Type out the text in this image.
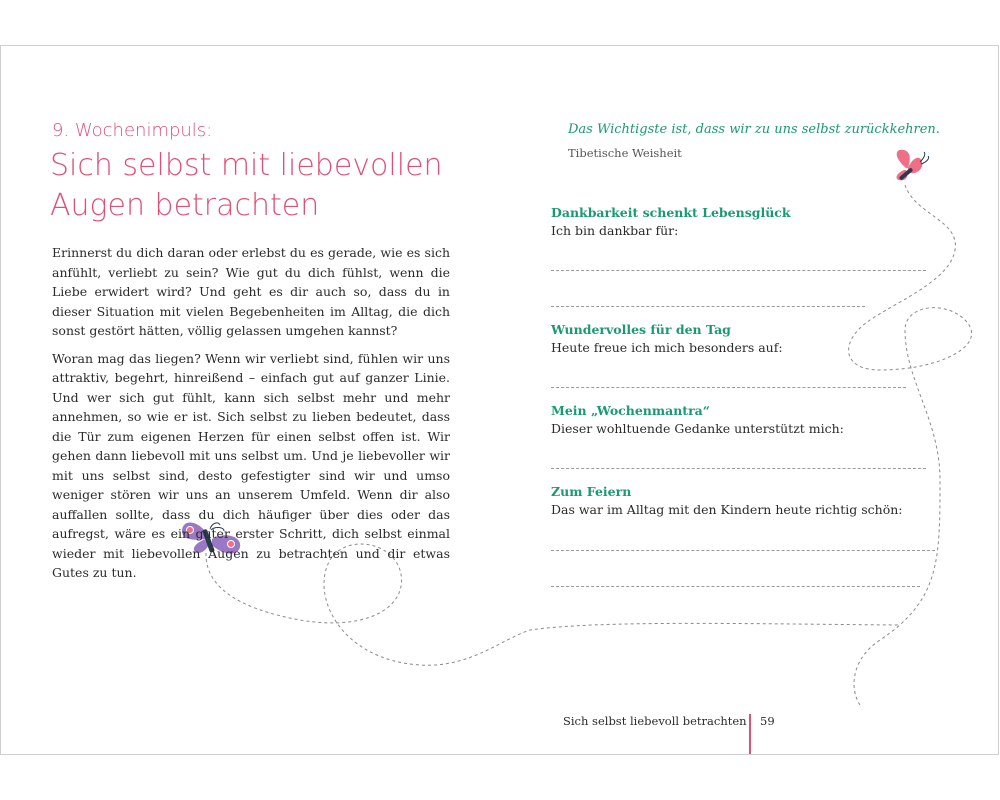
9. Wochenimpuls:
Sich selbst mit liebevollen
Augen betrachten

Erinnerst du dich daran oder erlebst du es gerade, wie es sich anfühlt, verliebt zu sein? Wie gut du dich fühlst, wenn die Liebe erwidert wird? Und geht es dir auch so, dass du in dieser Situation mit vielen Begebenheiten im Alltag, die dich sonst gestört hätten, völlig gelassen umgehen kannst?

Woran mag das liegen? Wenn wir verliebt sind, fühlen wir uns attraktiv, begehrt, hinreißend – einfach gut auf ganzer Linie. Und wer sich gut fühlt, kann sich selbst mehr und mehr annehmen, so wie er ist. Sich selbst zu lieben bedeutet, dass die Tür zum eigenen Herzen für einen selbst offen ist. Wir gehen dann liebevoll mit uns selbst um. Und je liebevoller wir mit uns selbst sind, desto gefestigter sind wir und umso weniger stören wir uns an unserem Umfeld. Wenn dir also auffallen sollte, dass du dich häufiger über dies oder das aufregst, wäre es ein guter erster Schritt, dich selbst einmal wieder mit liebevollen Augen zu betrachten und dir etwas Gutes zu tun.

Das Wichtigste ist, dass wir zu uns selbst zurückkehren.
Tibetische Weisheit
Dankbarkeit schenkt Lebensglück
Ich bin dankbar für:
Wundervolles für den Tag
Heute freue ich mich besonders auf:
Mein „Wochenmantra“
Dieser wohltuende Gedanke unterstützt mich:
Zum Feiern
Das war im Alltag mit den Kindern heute richtig schön:
Sich selbst liebevoll betrachten 59
